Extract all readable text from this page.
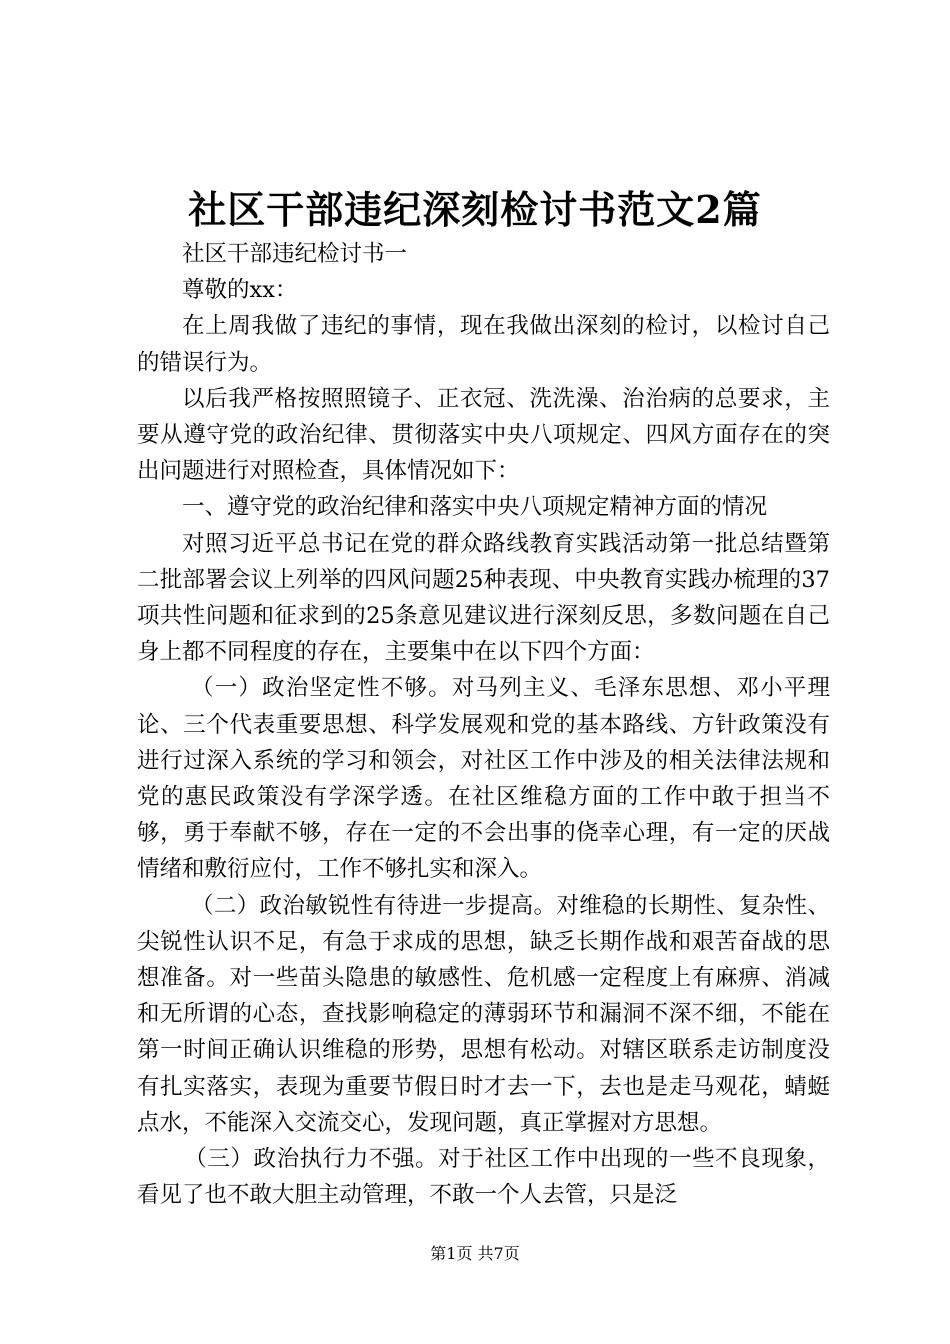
社区干部违纪深刻检讨书范文2篇

社区干部违纪检讨书一

尊敬的xx：

在上周我做了违纪的事情，现在我做出深刻的检讨，以检讨自己的错误行为。

以后我严格按照照镜子、正衣冠、洗洗澡、治治病的总要求，主要从遵守党的政治纪律、贯彻落实中央八项规定、四风方面存在的突出问题进行对照检查，具体情况如下：

一、遵守党的政治纪律和落实中央八项规定精神方面的情况

对照习近平总书记在党的群众路线教育实践活动第一批总结暨第二批部署会议上列举的四风问题25种表现、中央教育实践办梳理的37项共性问题和征求到的25条意见建议进行深刻反思，多数问题在自己身上都不同程度的存在，主要集中在以下四个方面：

（一）政治坚定性不够。对马列主义、毛泽东思想、邓小平理论、三个代表重要思想、科学发展观和党的基本路线、方针政策没有进行过深入系统的学习和领会，对社区工作中涉及的相关法律法规和党的惠民政策没有学深学透。在社区维稳方面的工作中敢于担当不够，勇于奉献不够，存在一定的不会出事的侥幸心理，有一定的厌战情绪和敷衍应付，工作不够扎实和深入。

（二）政治敏锐性有待进一步提高。对维稳的长期性、复杂性、尖锐性认识不足，有急于求成的思想，缺乏长期作战和艰苦奋战的思想准备。对一些苗头隐患的敏感性、危机感一定程度上有麻痹、消减和无所谓的心态，查找影响稳定的薄弱环节和漏洞不深不细，不能在第一时间正确认识维稳的形势，思想有松动。对辖区联系走访制度没有扎实落实，表现为重要节假日时才去一下，去也是走马观花，蜻蜓点水，不能深入交流交心，发现问题，真正掌握对方思想。

（三）政治执行力不强。对于社区工作中出现的一些不良现象，看见了也不敢大胆主动管理，不敢一个人去管，只是泛

第1页 共7页
